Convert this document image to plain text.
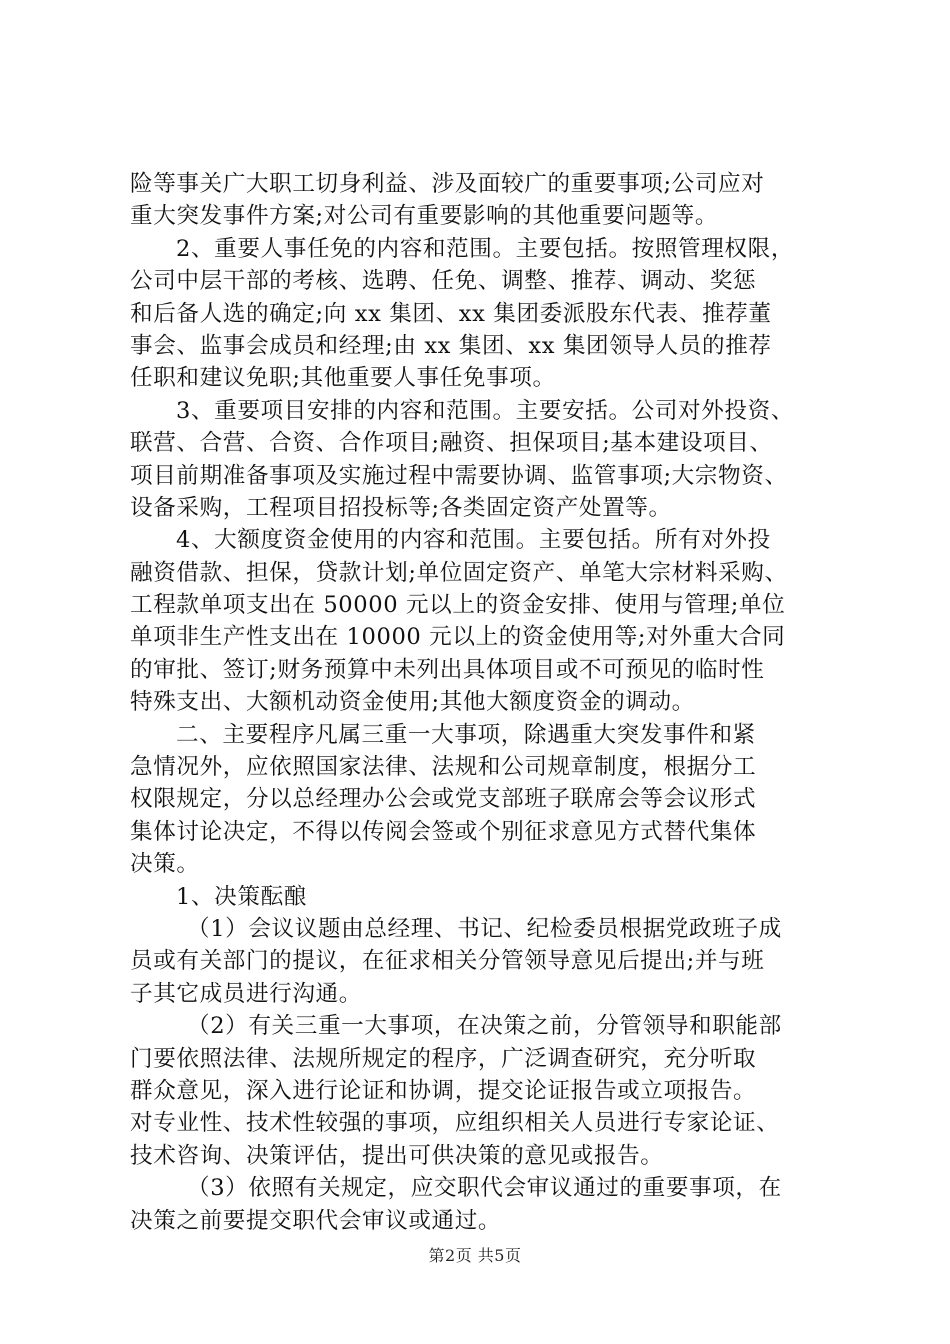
险等事关广大职工切身利益、涉及面较广的重要事项;公司应对
重大突发事件方案;对公司有重要影响的其他重要问题等。
2、重要人事任免的内容和范围。主要包括。按照管理权限，
公司中层干部的考核、选聘、任免、调整、推荐、调动、奖惩
和后备人选的确定;向 xx 集团、xx 集团委派股东代表、推荐董
事会、监事会成员和经理;由 xx 集团、xx 集团领导人员的推荐
任职和建议免职;其他重要人事任免事项。
3、重要项目安排的内容和范围。主要安括。公司对外投资、
联营、合营、合资、合作项目;融资、担保项目;基本建设项目、
项目前期准备事项及实施过程中需要协调、监管事项;大宗物资、
设备采购，工程项目招投标等;各类固定资产处置等。
4、大额度资金使用的内容和范围。主要包括。所有对外投
融资借款、担保，贷款计划;单位固定资产、单笔大宗材料采购、
工程款单项支出在 50000 元以上的资金安排、使用与管理;单位
单项非生产性支出在 10000 元以上的资金使用等;对外重大合同
的审批、签订;财务预算中未列出具体项目或不可预见的临时性
特殊支出、大额机动资金使用;其他大额度资金的调动。
二、主要程序凡属三重一大事项，除遇重大突发事件和紧
急情况外，应依照国家法律、法规和公司规章制度，根据分工
权限规定，分以总经理办公会或党支部班子联席会等会议形式
集体讨论决定，不得以传阅会签或个别征求意见方式替代集体
决策。
1、决策酝酿
（1）会议议题由总经理、书记、纪检委员根据党政班子成
员或有关部门的提议，在征求相关分管领导意见后提出;并与班
子其它成员进行沟通。
（2）有关三重一大事项，在决策之前，分管领导和职能部
门要依照法律、法规所规定的程序，广泛调查研究，充分听取
群众意见，深入进行论证和协调，提交论证报告或立项报告。
对专业性、技术性较强的事项，应组织相关人员进行专家论证、
技术咨询、决策评估，提出可供决策的意见或报告。
（3）依照有关规定，应交职代会审议通过的重要事项，在
决策之前要提交职代会审议或通过。
第2页 共5页
